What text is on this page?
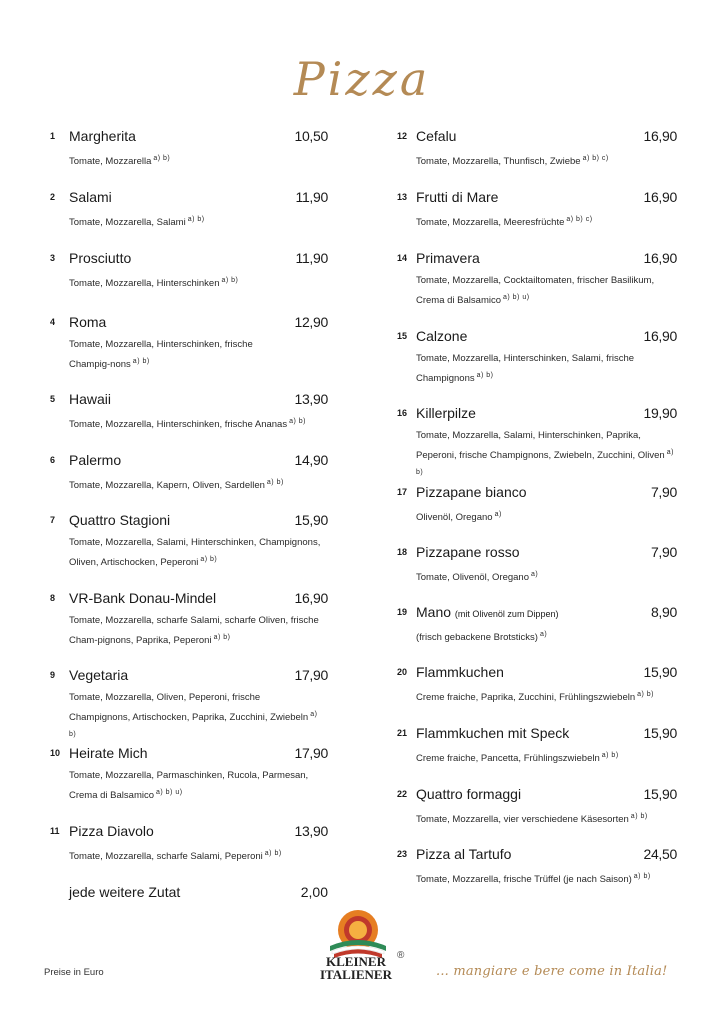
Pizza
1 Margherita	10,50
Tomate, Mozzarella $^{a) b)}$
2 Salami	11,90
Tomate, Mozzarella, Salami $^{a) b)}$
3 Prosciutto	11,90
Tomate, Mozzarella, Hinterschinken $^{a) b)}$
4 Roma	12,90
Tomate, Mozzarella, Hinterschinken, frische Champig-nons $^{a) b)}$
5 Hawaii	13,90
Tomate, Mozzarella, Hinterschinken, frische Ananas $^{a) b)}$
6 Palermo	14,90
Tomate, Mozzarella, Kapern, Oliven, Sardellen $^{a) b)}$
7 Quattro Stagioni	15,90
Tomate, Mozzarella, Salami, Hinterschinken, Champignons, Oliven, Artischocken, Peperoni $^{a) b)}$
8 VR-Bank Donau-Mindel	16,90
Tomate, Mozzarella, scharfe Salami, scharfe Oliven, frische Cham-pignons, Paprika, Peperoni $^{a) b)}$
9 Vegetaria	17,90
Tomate, Mozzarella, Oliven, Peperoni, frische Champignons, Artischocken, Paprika, Zucchini, Zwiebeln $^{a) b)}$
10 Heirate Mich	17,90
Tomate, Mozzarella, Parmaschinken, Rucola, Parmesan, Crema di Balsamico $^{a) b) u)}$
11 Pizza Diavolo	13,90
Tomate, Mozzarella, scharfe Salami, Peperoni $^{a) b)}$
jede weitere Zutat	2,00
12 Cefalu	16,90
Tomate, Mozzarella, Thunfisch, Zwiebe $^{a) b) c)}$
13 Frutti di Mare	16,90
Tomate, Mozzarella, Meeresfrüchte $^{a) b) c)}$
14 Primavera	16,90
Tomate, Mozzarella, Cocktailtomaten, frischer Basilikum, Crema di Balsamico $^{a) b) u)}$
15 Calzone	16,90
Tomate, Mozzarella, Hinterschinken, Salami, frische Champignons $^{a) b)}$
16 Killerpilze	19,90
Tomate, Mozzarella, Salami, Hinterschinken, Paprika, Peperoni, frische Champignons, Zwiebeln, Zucchini, Oliven $^{a) b)}$
17 Pizzapane bianco	7,90
Olivenöl, Oregano $^{a)}$
18 Pizzapane rosso	7,90
Tomate, Olivenöl, Oregano $^{a)}$
19 Mano (mit Olivenöl zum Dippen)	8,90
(frisch gebackene Brotsticks) $^{a)}$
20 Flammkuchen	15,90
Creme fraiche, Paprika, Zucchini, Frühlingszwiebeln $^{a) b)}$
21 Flammkuchen mit Speck	15,90
Creme fraiche, Pancetta, Frühlingszwiebeln $^{a) b)}$
22 Quattro formaggi	15,90
Tomate, Mozzarella, vier verschiedene Käsesorten $^{a) b)}$
23 Pizza al Tartufo	24,50
Tomate, Mozzarella, frische Trüffel (je nach Saison) $^{a) b)}$
Preise in Euro
KLEINER
ITALIENER
®
... mangiare e bere come in Italia!
